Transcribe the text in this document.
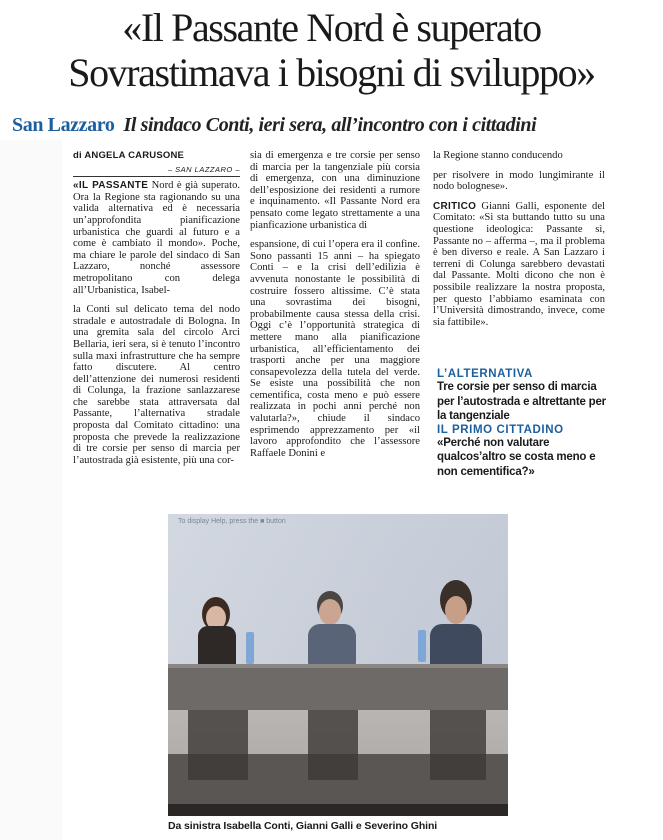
«Il Passante Nord è superato
Sovrastimava i bisogni di sviluppo»
San Lazzaro Il sindaco Conti, ieri sera, all’incontro con i cittadini
di ANGELA CARUSONE
– SAN LAZZARO –

«IL PASSANTE Nord è già superato. Ora la Regione sta ragionando su una valida alternativa ed è necessaria un’approfondita pianificazione urbanistica che guardi al futuro e a come è cambiato il mondo». Poche, ma chiare le parole del sindaco di San Lazzaro, nonché assessore metropolitano con delega all’Urbanistica, Isabel-

la Conti sul delicato tema del nodo stradale e autostradale di Bologna. In una gremita sala del circolo Arci Bellaria, ieri sera, si è tenuto l’incontro sulla maxi infrastrutture che ha sempre fatto discutere. Al centro dell’attenzione dei numerosi residenti di Colunga, la frazione sanlazzarese che sarebbe stata attraversata dal Passante, l’alternativa stradale proposta dal Comitato cittadino: una proposta che prevede la realizzazione di tre corsie per senso di marcia per l’autostrada già esistente, più una cor-

sia di emergenza e tre corsie per senso di marcia per la tangenziale più corsia di emergenza, con una diminuzione dell’esposizione dei residenti a rumore e inquinamento. «Il Passante Nord era pensato come legato strettamente a una pianficazione urbanistica di

espansione, di cui l’opera era il confine. Sono passanti 15 anni – ha spiegato Conti – e la crisi dell’edilizia è avvenuta nonostante le possibilità di costruire fossero altissime. C’è stata una sovrastima dei bisogni, probabilmente causa stessa della crisi. Oggi c’è l’opportunità strategica di mettere mano alla pianificazione urbanistica, all’efficientamento dei trasporti anche per una maggiore consapevolezza della tutela del verde. Se esiste una possibilità che non cementifica, costa meno e può essere realizzata in pochi anni perché non valutarla?», chiude il sindaco esprimendo apprezzamento per «il lavoro approfondito che l’assessore Raffaele Donini e

la Regione stanno conducendo

per risolvere in modo lungimirante il nodo bolognese».

CRITICO Gianni Galli, esponente del Comitato: «Si sta buttando tutto su una questione ideologica: Passante sì, Passante no – afferma –, ma il problema è ben diverso e reale. A San Lazzaro i terreni di Colunga sarebbero devastati dal Passante. Molti dicono che non è possibile realizzare la nostra proposta, per questo l’abbiamo esaminata con l’Università dimostrando, invece, come sia fattibile».

L’ALTERNATIVA
Tre corsie per senso di marcia per l’autostrada e altrettante per la tangenziale
IL PRIMO CITTADINO
«Perché non valutare qualcos’altro se costa meno e non cementifica?»
To display Help, press the ■ button
Da sinistra Isabella Conti, Gianni Galli e Severino Ghini
